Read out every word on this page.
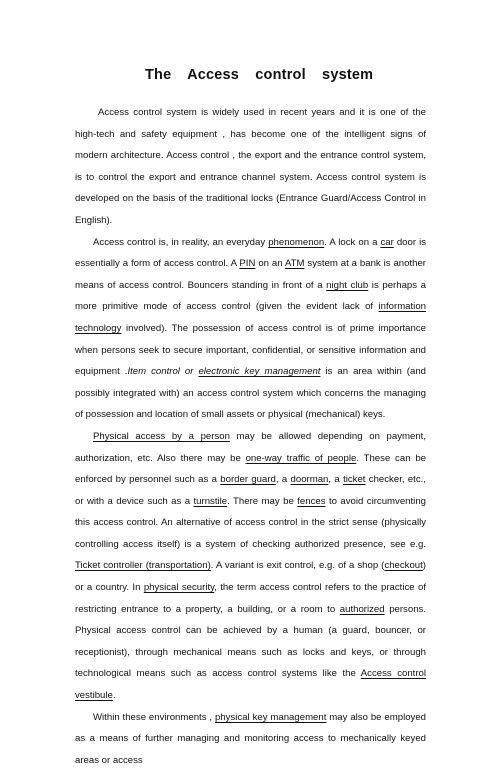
The Access control system

Access control system is widely used in recent years and it is one of the high-tech and safety equipment , has become one of the intelligent signs of modern architecture. Access control , the export and the entrance control system, is to control the export and entrance channel system. Access control system is developed on the basis of the traditional locks (Entrance Guard/Access Control in English).

Access control is, in reality, an everyday phenomenon. A lock on a car door is essentially a form of access control. A PIN on an ATM system at a bank is another means of access control. Bouncers standing in front of a night club is perhaps a more primitive mode of access control (given the evident lack of information technology involved). The possession of access control is of prime importance when persons seek to secure important, confidential, or sensitive information and equipment .Item control or electronic key management is an area within (and possibly integrated with) an access control system which concerns the managing of possession and location of small assets or physical (mechanical) keys.

Physical access by a person may be allowed depending on payment, authorization, etc. Also there may be one-way traffic of people. These can be enforced by personnel such as a border guard, a doorman, a ticket checker, etc., or with a device such as a turnstile. There may be fences to avoid circumventing this access control. An alternative of access control in the strict sense (physically controlling access itself) is a system of checking authorized presence, see e.g. Ticket controller (transportation). A variant is exit control, e.g. of a shop (checkout) or a country. In physical security, the term access control refers to the practice of restricting entrance to a property, a building, or a room to authorized persons. Physical access control can be achieved by a human (a guard, bouncer, or receptionist), through mechanical means such as locks and keys, or through technological means such as access control systems like the Access control vestibule.

Within these environments , physical key management may also be employed as a means of further managing and monitoring access to mechanically keyed areas or access
